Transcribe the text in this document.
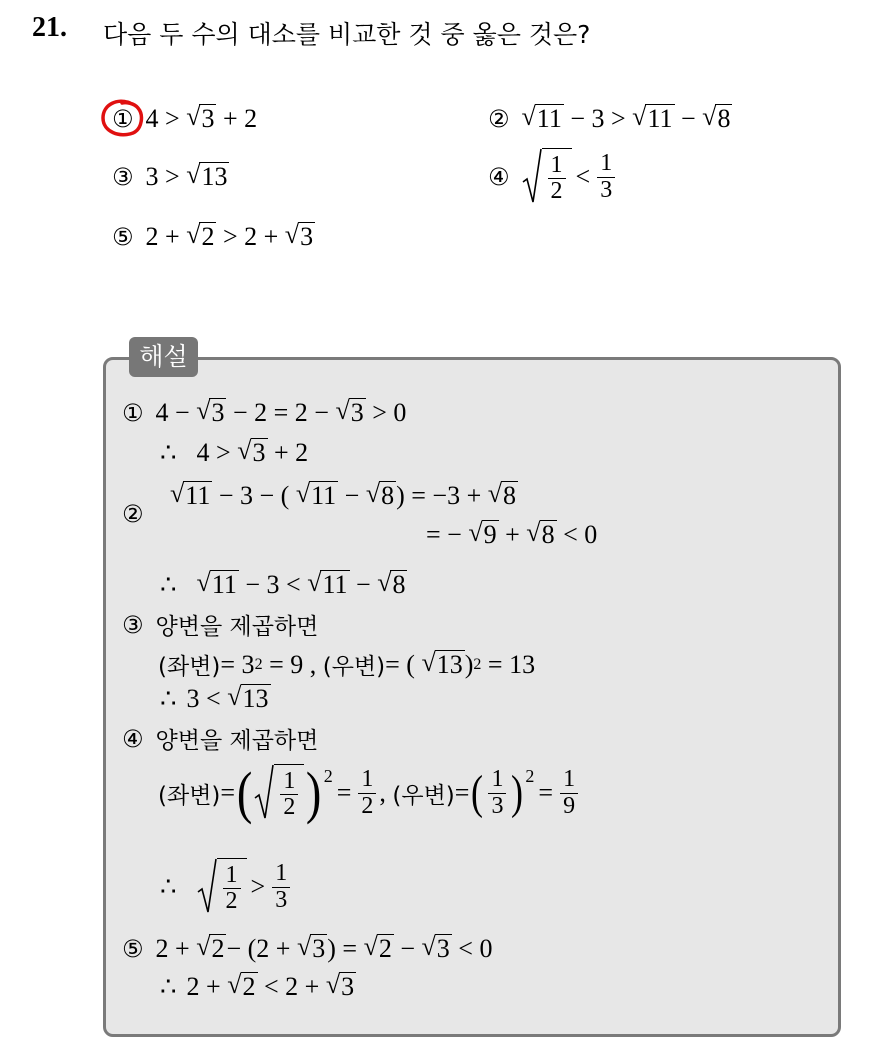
21. 다음 두 수의 대소를 비교한 것 중 옳은 것은?
① 4 >
√ 3
+ 2	② √ 11
− 3 >
√ 11
−
√ 8
③ 3 >
√ 13	④ $\frac{1}{2} < \frac{1}{3}$
⑤ 2 +
√ 2
> 2 +
√ 3
해설
① 4 −
√ 3
− 2 = 2 −
√ 3
> 0
∴ 4 >
√ 3
+ 2
②
√ 11
− 3 − (
√ 11
−
√ 8 ) = −3 +
√ 8
= −
√ 9
+
√ 8
< 0
∴ √ 11
− 3 <
√ 11
−
√ 8
③ 양변을 제곱하면
(좌변) = 3 2
= 9 ,
(우변) = (
√ 13 ) 2
= 13
∴ 3 <
√ 13
④ 양변을 제곱하면
(좌변) = ( $\frac{1}{2}$ ) 2
= $\frac{1}{2}$ ,
(우변) = ( $\frac{1}{3}$ ) 2
= $\frac{1}{9}$
∴ $\frac{1}{2} > \frac{1}{3}$
⑤ 2 +
√ 2 − (2 +
√ 3 ) =
√ 2
−
√ 3
< 0
∴ 2 +
√ 2
< 2 +
√ 3
